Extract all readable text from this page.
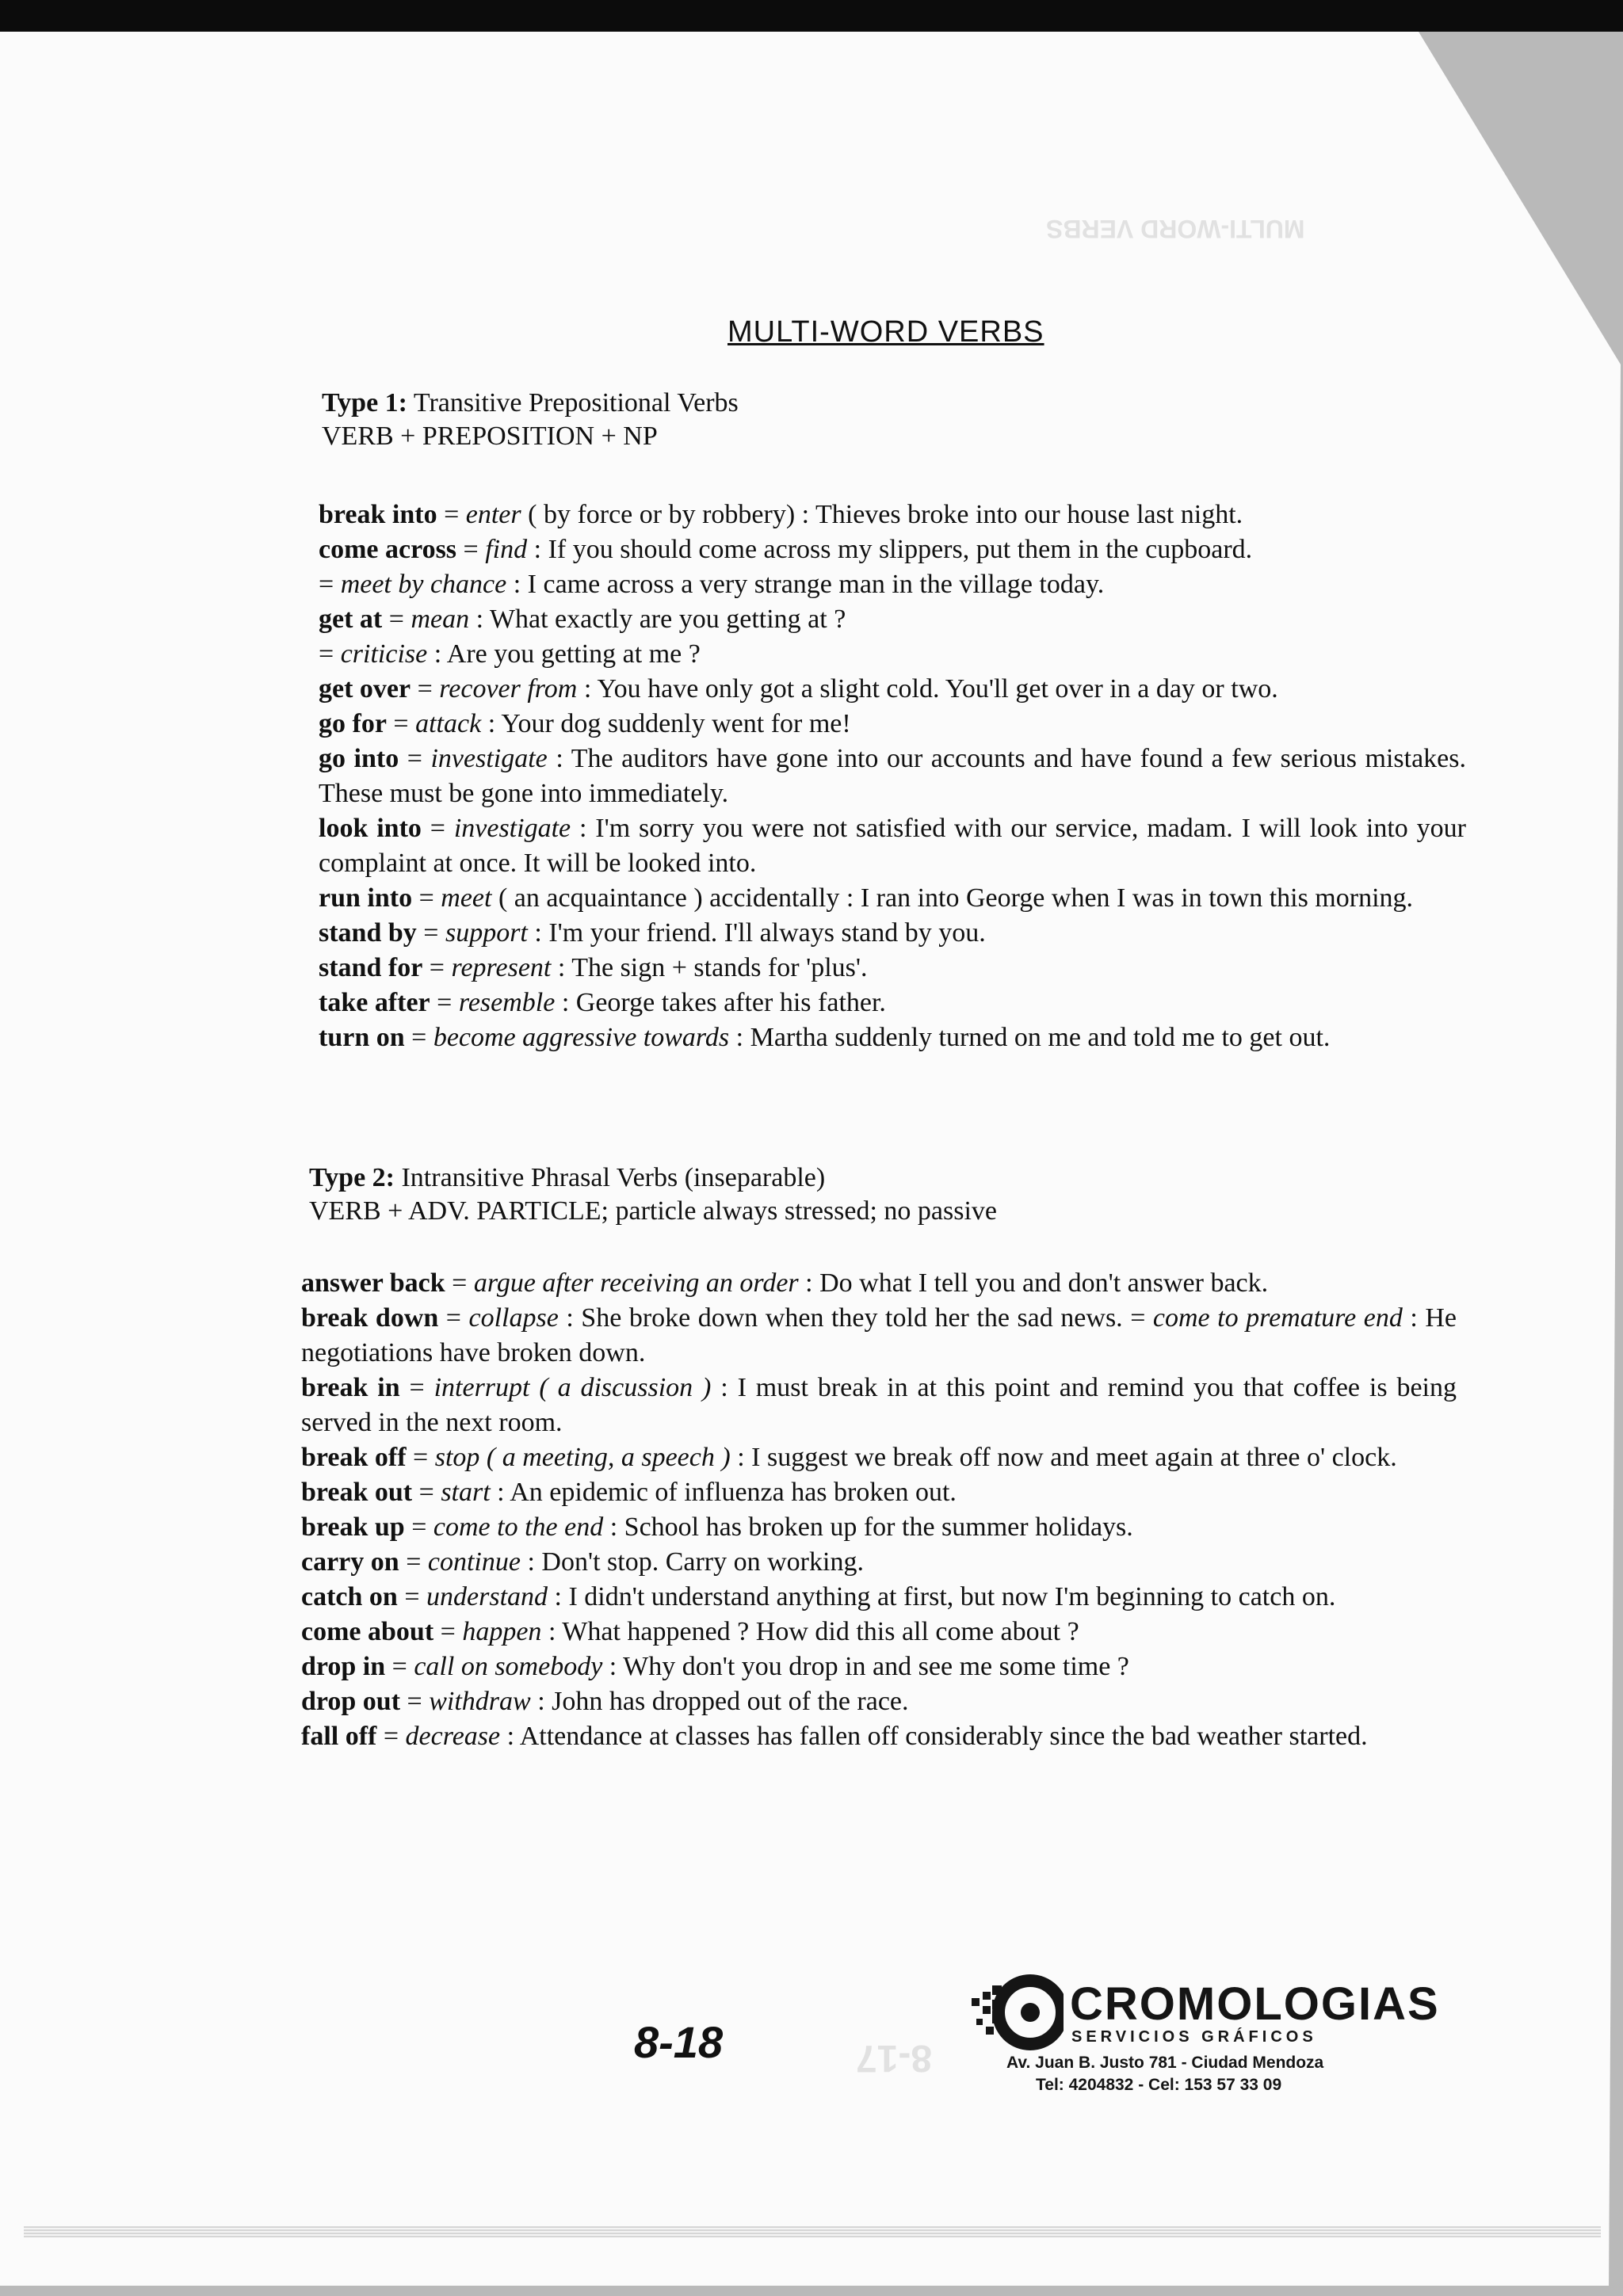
MULTI-WORD VERBS
8-17
MULTI-WORD VERBS
Type 1: Transitive Prepositional Verbs
VERB + PREPOSITION + NP

break into = enter ( by force or by robbery) : Thieves broke into our house last night.

come across = find : If you should come across my slippers, put them in the cupboard.

= meet by chance : I came across a very strange man in the village today.

get at = mean : What exactly are you getting at ?

= criticise : Are you getting at me ?

get over = recover from : You have only got a slight cold. You'll get over in a day or two.

go for = attack : Your dog suddenly went for me!

go into = investigate : The auditors have gone into our accounts and have found a few serious mistakes. These must be gone into immediately.

look into = investigate : I'm sorry you were not satisfied with our service, madam. I will look into your complaint at once. It will be looked into.

run into = meet ( an acquaintance ) accidentally : I ran into George when I was in town this morning.

stand by = support : I'm your friend. I'll always stand by you.

stand for = represent : The sign + stands for 'plus'.

take after = resemble : George takes after his father.

turn on = become aggressive towards : Martha suddenly turned on me and told me to get out.

Type 2: Intransitive Phrasal Verbs (inseparable)
VERB + ADV. PARTICLE; particle always stressed; no passive

answer back = argue after receiving an order : Do what I tell you and don't answer back.

break down = collapse : She broke down when they told her the sad news. = come to premature end : He negotiations have broken down.

break in = interrupt ( a discussion ) : I must break in at this point and remind you that coffee is being served in the next room.

break off = stop ( a meeting, a speech ) : I suggest we break off now and meet again at three o' clock.

break out = start : An epidemic of influenza has broken out.

break up = come to the end : School has broken up for the summer holidays.

carry on = continue : Don't stop. Carry on working.

catch on = understand : I didn't understand anything at first, but now I'm beginning to catch on.

come about = happen : What happened ? How did this all come about ?

drop in = call on somebody : Why don't you drop in and see me some time ?

drop out = withdraw : John has dropped out of the race.

fall off = decrease : Attendance at classes has fallen off considerably since the bad weather started.

8-18

CROMOLOGIAS
SERVICIOS GRÁFICOS
Av. Juan B. Justo 781 - Ciudad Mendoza
Tel: 4204832 - Cel: 153 57 33 09
